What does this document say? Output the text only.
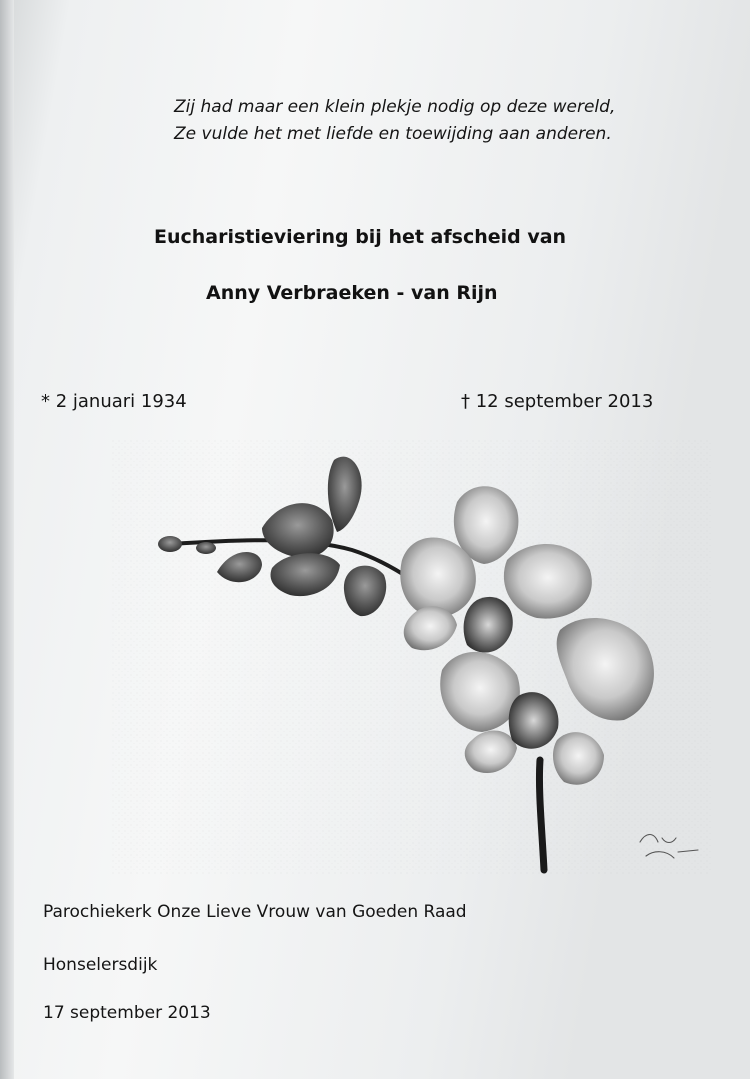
Zij had maar een klein plekje nodig op deze wereld,
Ze vulde het met liefde en toewijding aan anderen.
Eucharistieviering bij het afscheid van
Anny Verbraeken - van Rijn
* 2 januari 1934	† 12 september 2013
Parochiekerk Onze Lieve Vrouw van Goeden Raad
Honselersdijk
17 september 2013
